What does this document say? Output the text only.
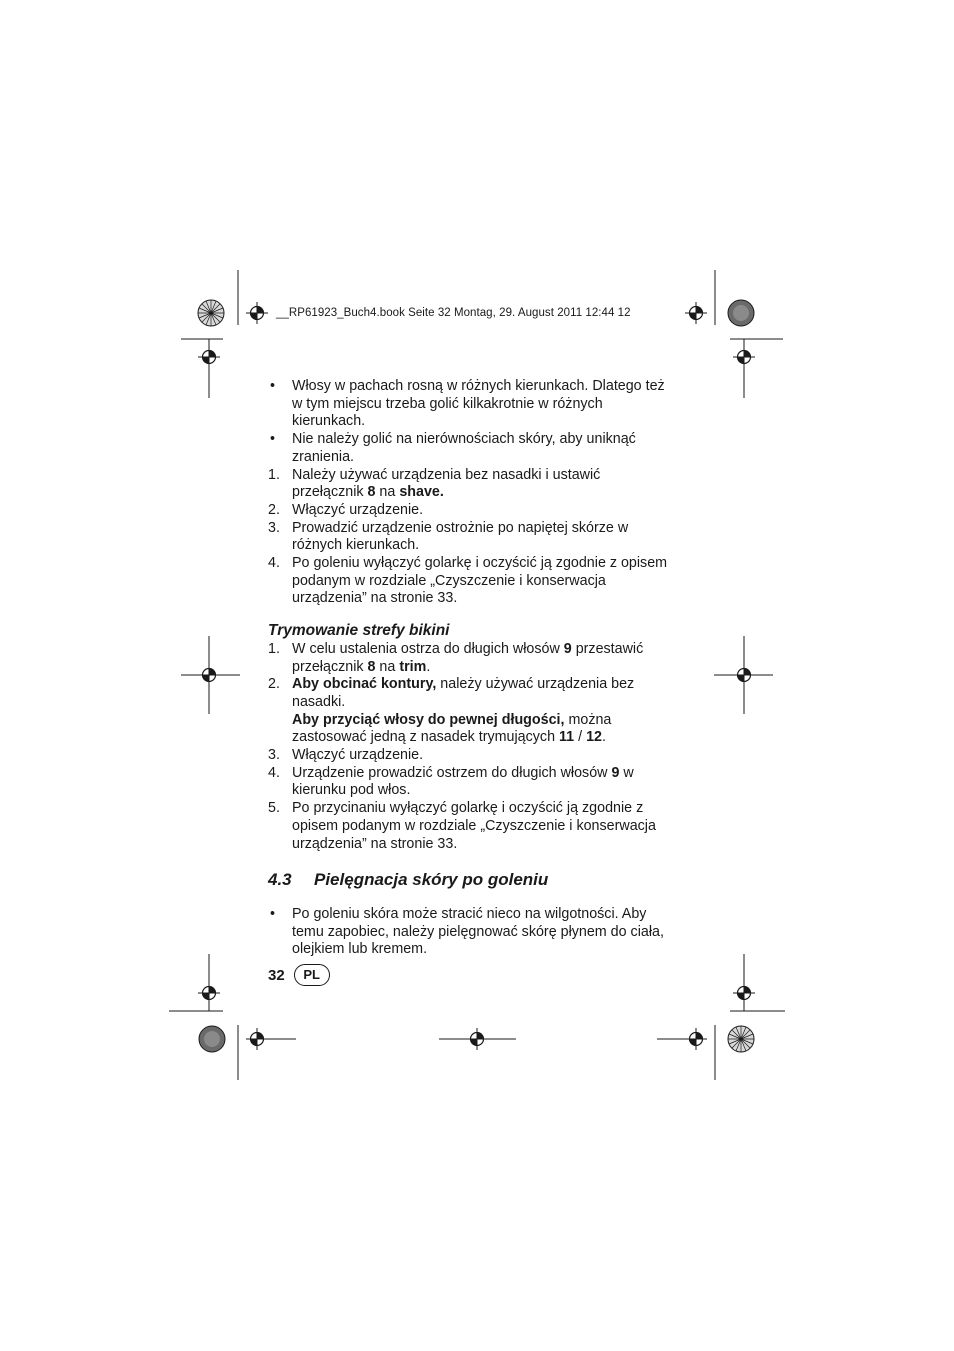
__RP61923_Buch4.book Seite 32 Montag, 29. August 2011 12:44 12
•	Włosy w pachach rosną w różnych kierunkach. Dlatego też w tym miejscu trzeba golić kilkakrotnie w różnych kierunkach.
•	Nie należy golić na nierównościach skóry, aby uniknąć zranienia.
1. Należy używać urządzenia bez nasadki i ustawić przełącznik 8 na shave.
2. Włączyć urządzenie.
3. Prowadzić urządzenie ostrożnie po napiętej skórze w różnych kierunkach.
4. Po goleniu wyłączyć golarkę i oczyścić ją zgodnie z opisem podanym w rozdziale „Czyszczenie i konserwacja urządzenia” na stronie 33.
Trymowanie strefy bikini
1. W celu ustalenia ostrza do długich włosów 9 przestawić przełącznik 8 na trim.
2. Aby obcinać kontury, należy używać urządzenia bez nasadki.
Aby przyciąć włosy do pewnej długości, można zastosować jedną z nasadek trymujących 11 / 12.
3. Włączyć urządzenie.
4. Urządzenie prowadzić ostrzem do długich włosów 9 w kierunku pod włos.
5. Po przycinaniu wyłączyć golarkę i oczyścić ją zgodnie z opisem podanym w rozdziale „Czyszczenie i konserwacja urządzenia” na stronie 33.
4.3 Pielęgnacja skóry po goleniu
•	Po goleniu skóra może stracić nieco na wilgotności. Aby temu zapobiec, należy pielęgnować skórę płynem do ciała, olejkiem lub kremem.
32	PL
